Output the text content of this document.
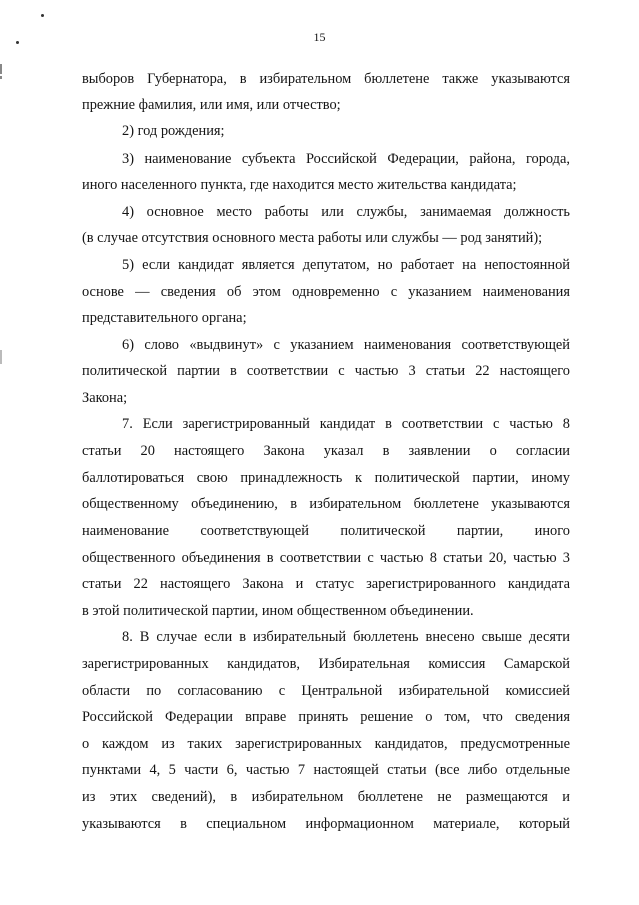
15
выборов Губернатора, в избирательном бюллетене также указываются
прежние фамилия, или имя, или отчество;
2) год рождения;
3) наименование субъекта Российской Федерации, района, города,
иного населенного пункта, где находится место жительства кандидата;
4) основное место работы или службы, занимаемая должность
(в случае отсутствия основного места работы или службы — род занятий);
5) если кандидат является депутатом, но работает на непостоянной
основе — сведения об этом одновременно с указанием наименования
представительного органа;
6) слово «выдвинут» с указанием наименования соответствующей
политической партии в соответствии с частью 3 статьи 22 настоящего
Закона;
7. Если зарегистрированный кандидат в соответствии с частью 8
статьи 20 настоящего Закона указал в заявлении о согласии
баллотироваться свою принадлежность к политической партии, иному
общественному объединению, в избирательном бюллетене указываются
наименование соответствующей политической партии, иного
общественного объединения в соответствии с частью 8 статьи 20, частью 3
статьи 22 настоящего Закона и статус зарегистрированного кандидата
в этой политической партии, ином общественном объединении.
8. В случае если в избирательный бюллетень внесено свыше десяти
зарегистрированных кандидатов, Избирательная комиссия Самарской
области по согласованию с Центральной избирательной комиссией
Российской Федерации вправе принять решение о том, что сведения
о каждом из таких зарегистрированных кандидатов, предусмотренные
пунктами 4, 5 части 6, частью 7 настоящей статьи (все либо отдельные
из этих сведений), в избирательном бюллетене не размещаются и
указываются в специальном информационном материале, который
